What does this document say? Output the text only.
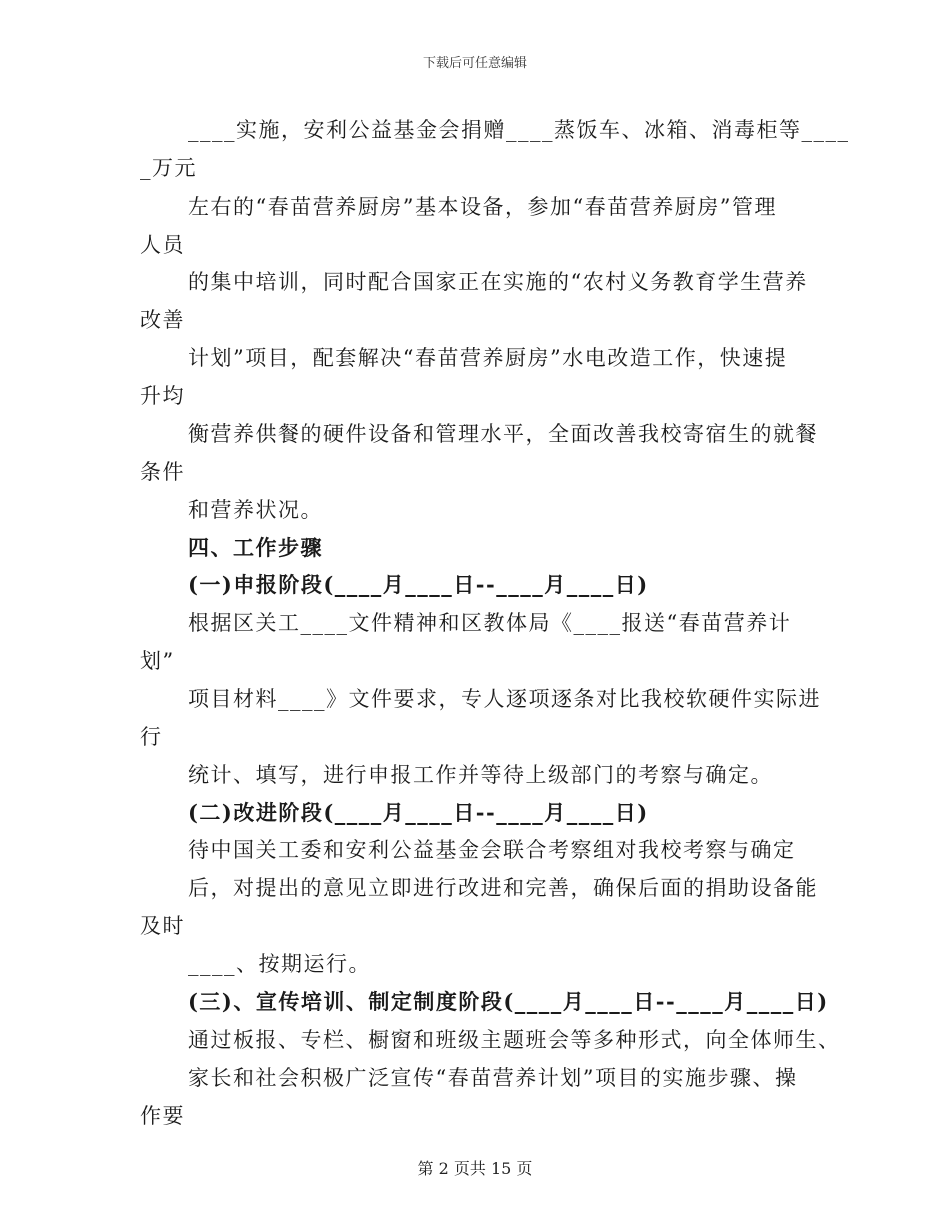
下载后可任意编辑
____实施，安利公益基金会捐赠____蒸饭车、冰箱、消毒柜等____
_万元
左右的“春苗营养厨房”基本设备，参加“春苗营养厨房”管理
人员
的集中培训，同时配合国家正在实施的“农村义务教育学生营养
改善
计划”项目，配套解决“春苗营养厨房”水电改造工作，快速提
升均
衡营养供餐的硬件设备和管理水平，全面改善我校寄宿生的就餐
条件
和营养状况。
四、工作步骤
(一)申报阶段(____月____日--____月____日)
根据区关工____文件精神和区教体局《____报送“春苗营养计
划”
项目材料____》文件要求，专人逐项逐条对比我校软硬件实际进
行
统计、填写，进行申报工作并等待上级部门的考察与确定。
(二)改进阶段(____月____日--____月____日)
待中国关工委和安利公益基金会联合考察组对我校考察与确定
后，对提出的意见立即进行改进和完善，确保后面的捐助设备能
及时
____、按期运行。
(三)、宣传培训、制定制度阶段(____月____日--____月____日)
通过板报、专栏、橱窗和班级主题班会等多种形式，向全体师生、
家长和社会积极广泛宣传“春苗营养计划”项目的实施步骤、操
作要
第 2 页共 15 页
